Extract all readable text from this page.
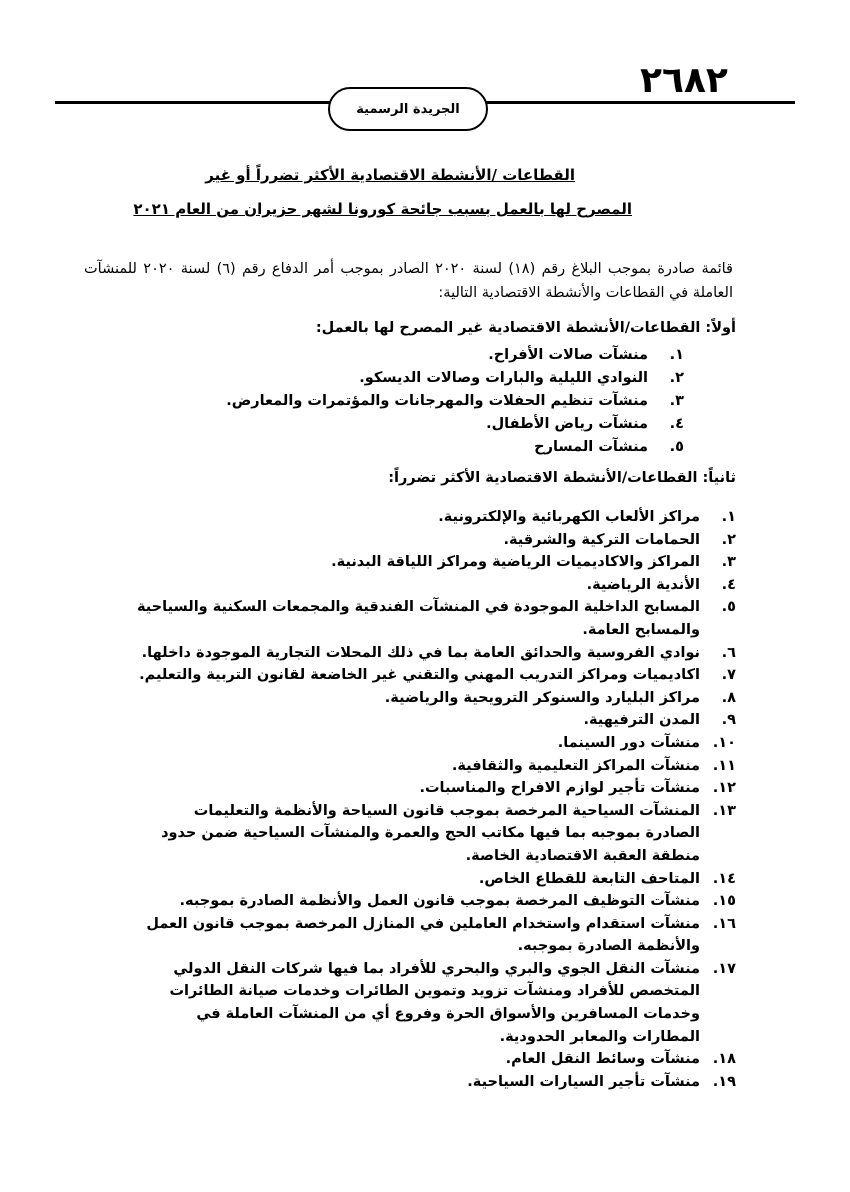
٢٦٨٢
الجريدة الرسمية
القطاعات /الأنشطة الاقتصادية الأكثر تضرراً أو غير
المصرح لها بالعمل بسبب جائحة كورونا لشهر حزيران من العام ٢٠٢١
قائمة صادرة بموجب البلاغ رقم (١٨) لسنة ٢٠٢٠ الصادر بموجب أمر الدفاع رقم (٦) لسنة ٢٠٢٠ للمنشآت العاملة في القطاعات والأنشطة الاقتصادية التالية:
أولاً: القطاعات/الأنشطة الاقتصادية غير المصرح لها بالعمل:
١.
منشآت صالات الأفراح.
٢.
النوادي الليلية والبارات وصالات الديسكو.
٣.
منشآت تنظيم الحفلات والمهرجانات والمؤتمرات والمعارض.
٤.
منشآت رياض الأطفال.
٥.
منشآت المسارح
ثانياً: القطاعات/الأنشطة الاقتصادية الأكثر تضرراً:
١.
مراكز الألعاب الكهربائية والإلكترونية.
٢.
الحمامات التركية والشرقية.
٣.
المراكز والاكاديميات الرياضية ومراكز اللياقة البدنية.
٤.
الأندية الرياضية.
٥.
المسابح الداخلية الموجودة في المنشآت الفندقية والمجمعات السكنية والسياحية والمسابح العامة.
٦.
نوادي الفروسية والحدائق العامة بما في ذلك المحلات التجارية الموجودة داخلها.
٧.
اكاديميات ومراكز التدريب المهني والتقني غير الخاضعة لقانون التربية والتعليم.
٨.
مراكز البليارد والسنوكر الترويحية والرياضية.
٩.
المدن الترفيهية.
١٠.
منشآت دور السينما.
١١.
منشآت المراكز التعليمية والثقافية.
١٢.
منشآت تأجير لوازم الافراح والمناسبات.
١٣.
المنشآت السياحية المرخصة بموجب قانون السياحة والأنظمة والتعليمات الصادرة بموجبه بما فيها مكاتب الحج والعمرة والمنشآت السياحية ضمن حدود منطقة العقبة الاقتصادية الخاصة.
١٤.
المتاحف التابعة للقطاع الخاص.
١٥.
منشآت التوظيف المرخصة بموجب قانون العمل والأنظمة الصادرة بموجبه.
١٦.
منشآت استقدام واستخدام العاملين في المنازل المرخصة بموجب قانون العمل والأنظمة الصادرة بموجبه.
١٧.
منشآت النقل الجوي والبري والبحري للأفراد بما فيها شركات النقل الدولي المتخصص للأفراد ومنشآت تزويد وتموين الطائرات وخدمات صيانة الطائرات وخدمات المسافرين والأسواق الحرة وفروع أي من المنشآت العاملة في المطارات والمعابر الحدودية.
١٨.
منشآت وسائط النقل العام.
١٩.
منشآت تأجير السيارات السياحية.
